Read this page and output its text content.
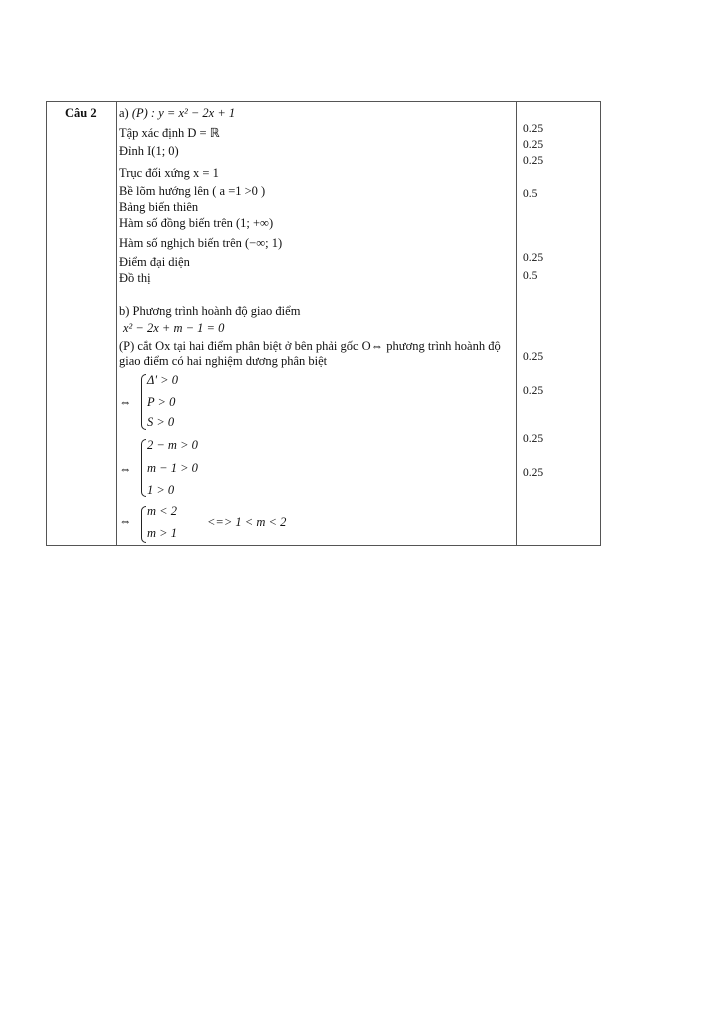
Câu 2 a) (P) : y = x² − 2x + 1
Tập xác định D = ℝ
Đỉnh I(1; 0)
Trục đối xứng x = 1
Bề lõm hướng lên ( a =1 >0 )
Bảng biến thiên
Hàm số đồng biến trên (1; +∞)
Hàm số nghịch biến trên (−∞; 1)
Điểm đại diện
Đồ thị
b) Phương trình hoành độ giao điểm
x² − 2x + m − 1 = 0
(P) cắt Ox tại hai điểm phân biệt ở bên phải gốc O⇔ phương trình hoành độ giao điểm có hai nghiệm dương phân biệt
⇔
Δ' > 0
P > 0
S > 0
⇔
2 − m > 0
m − 1 > 0
1 > 0
⇔
m < 2
m > 1
<=> 1 < m < 2
0.25
0.25
0.25
0.5
0.25
0.5
0.25
0.25
0.25
0.25
